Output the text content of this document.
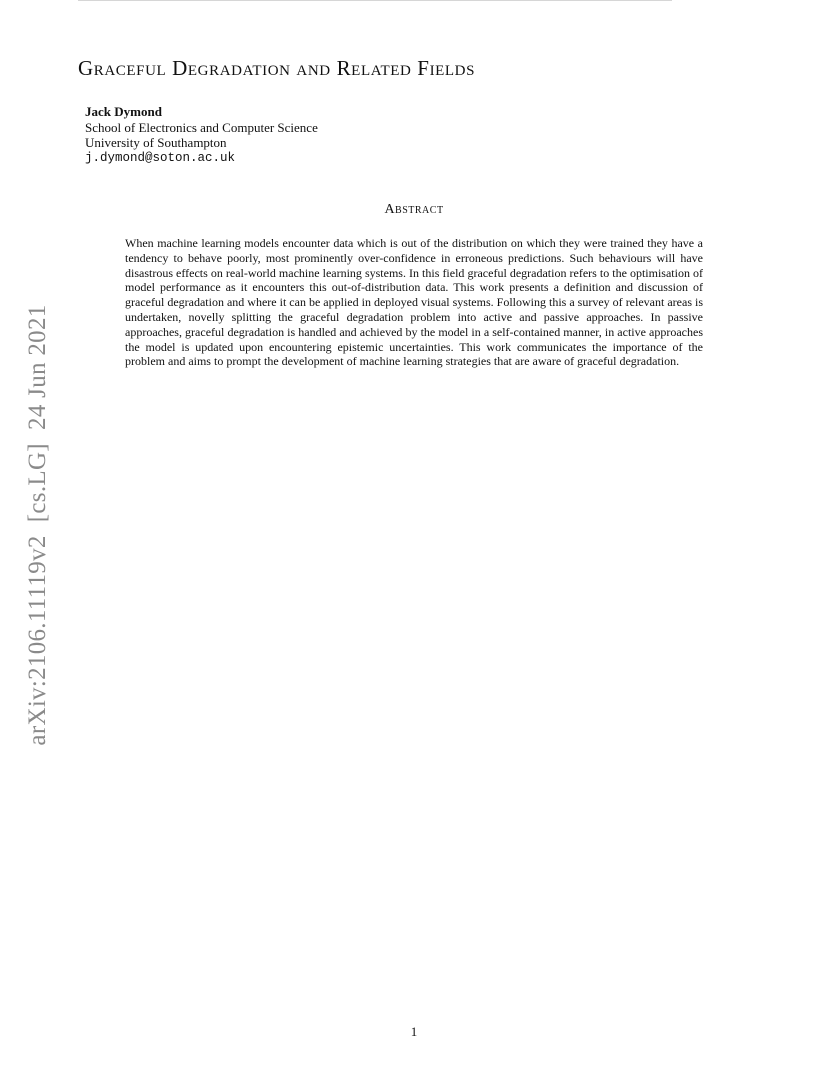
Graceful Degradation and Related Fields
Jack Dymond
School of Electronics and Computer Science
University of Southampton
j.dymond@soton.ac.uk
Abstract

When machine learning models encounter data which is out of the distribution on which they were trained they have a tendency to behave poorly, most prominently over-confidence in erroneous predictions. Such behaviours will have disastrous effects on real-world machine learning systems. In this field graceful degradation refers to the optimisation of model performance as it encounters this out-of-distribution data. This work presents a definition and discussion of graceful degradation and where it can be applied in deployed visual systems. Following this a survey of relevant areas is undertaken, novelly splitting the graceful degradation problem into active and passive approaches. In passive approaches, graceful degradation is handled and achieved by the model in a self-contained manner, in active approaches the model is updated upon encountering epistemic uncertainties. This work communicates the importance of the problem and aims to prompt the development of machine learning strategies that are aware of graceful degradation.

arXiv:2106.11119v2  [cs.LG]  24 Jun 2021
1
